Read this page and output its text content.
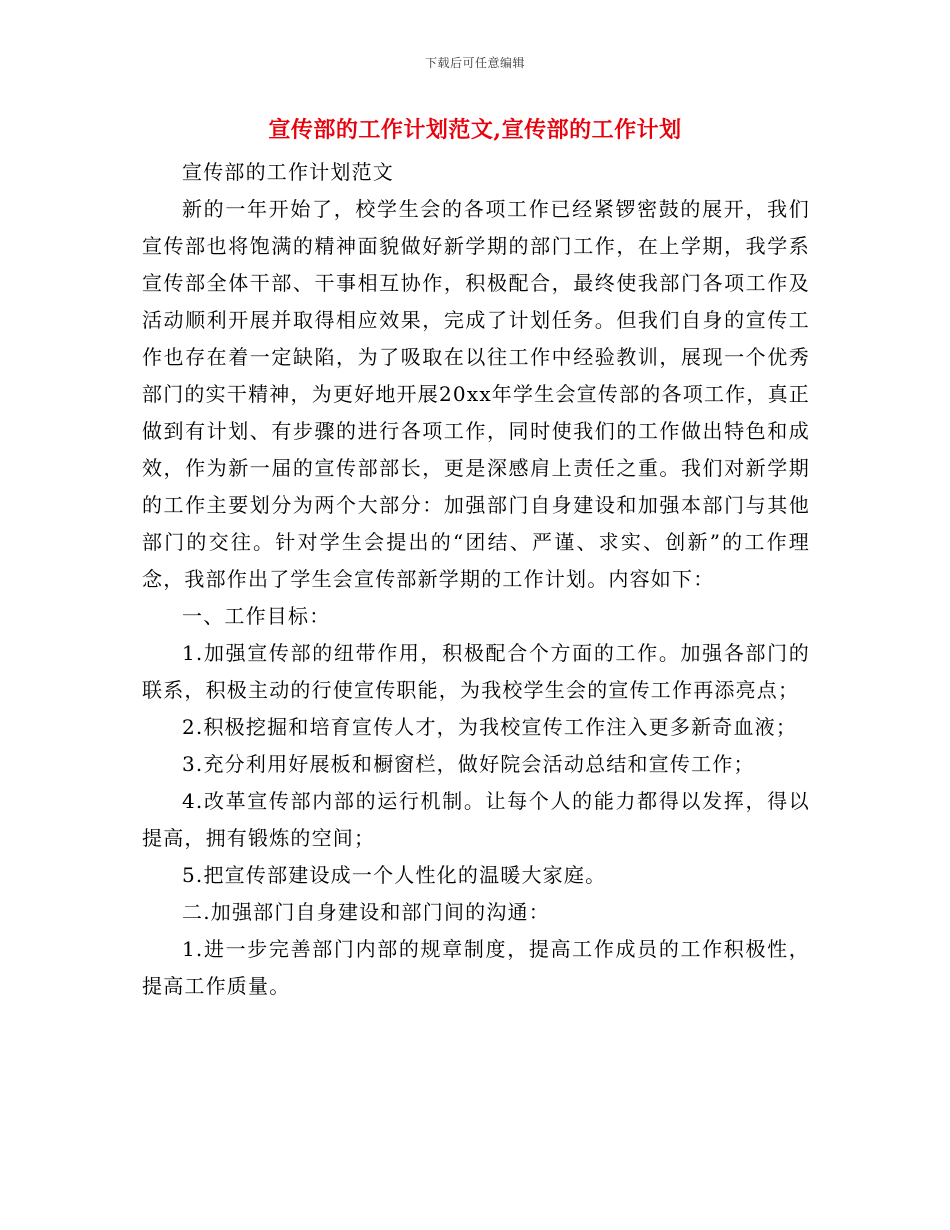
下载后可任意编辑
宣传部的工作计划范文,宣传部的工作计划

宣传部的工作计划范文

新的一年开始了，校学生会的各项工作已经紧锣密鼓的展开，我们宣传部也将饱满的精神面貌做好新学期的部门工作，在上学期，我学系宣传部全体干部、干事相互协作，积极配合，最终使我部门各项工作及活动顺利开展并取得相应效果，完成了计划任务。但我们自身的宣传工作也存在着一定缺陷，为了吸取在以往工作中经验教训，展现一个优秀部门的实干精神，为更好地开展20xx年学生会宣传部的各项工作，真正做到有计划、有步骤的进行各项工作，同时使我们的工作做出特色和成效，作为新一届的宣传部部长，更是深感肩上责任之重。我们对新学期的工作主要划分为两个大部分：加强部门自身建设和加强本部门与其他部门的交往。针对学生会提出的“团结、严谨、求实、创新”的工作理念，我部作出了学生会宣传部新学期的工作计划。内容如下：

一、工作目标：

1.加强宣传部的纽带作用，积极配合个方面的工作。加强各部门的联系，积极主动的行使宣传职能，为我校学生会的宣传工作再添亮点；

2.积极挖掘和培育宣传人才，为我校宣传工作注入更多新奇血液；

3.充分利用好展板和橱窗栏，做好院会活动总结和宣传工作；

4.改革宣传部内部的运行机制。让每个人的能力都得以发挥，得以提高，拥有锻炼的空间；

5.把宣传部建设成一个人性化的温暖大家庭。

二.加强部门自身建设和部门间的沟通：

1.进一步完善部门内部的规章制度，提高工作成员的工作积极性，提高工作质量。
